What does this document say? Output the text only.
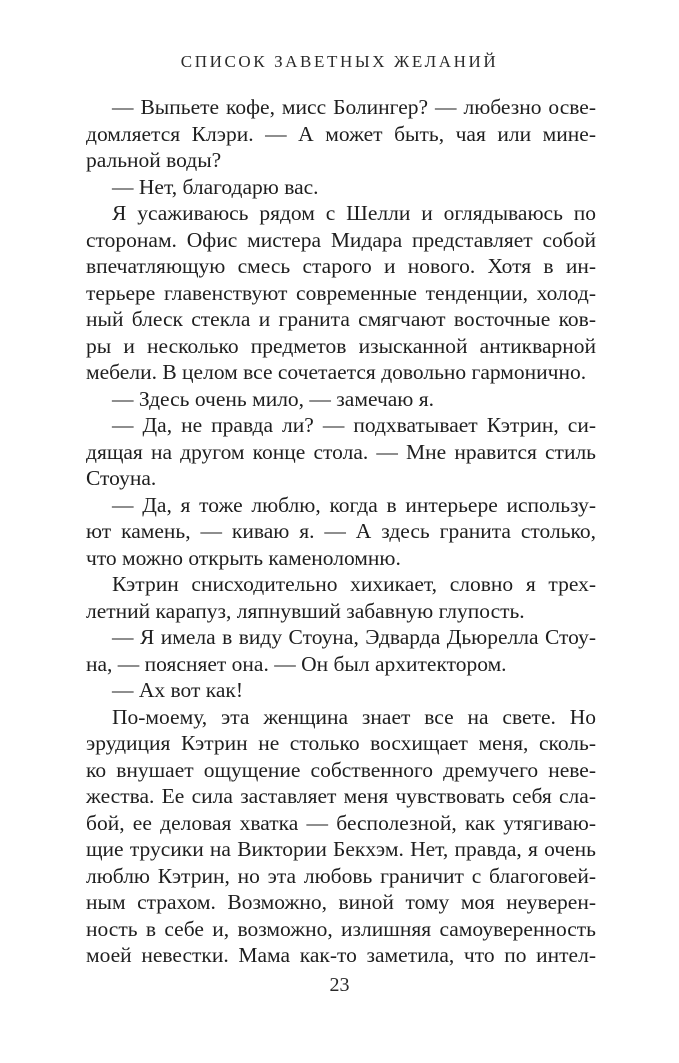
СПИСОК ЗАВЕТНЫХ ЖЕЛАНИЙ
— Выпьете кофе, мисс Болингер? — любезно осве-
домляется Клэри. — А может быть, чая или мине-
ральной воды?
— Нет, благодарю вас.
Я усаживаюсь рядом с Шелли и оглядываюсь по
сторонам. Офис мистера Мидара представляет собой
впечатляющую смесь старого и нового. Хотя в ин-
терьере главенствуют современные тенденции, холод-
ный блеск стекла и гранита смягчают восточные ков-
ры и несколько предметов изысканной антикварной
мебели. В целом все сочетается довольно гармонично.
— Здесь очень мило, — замечаю я.
— Да, не правда ли? — подхватывает Кэтрин, си-
дящая на другом конце стола. — Мне нравится стиль
Стоуна.
— Да, я тоже люблю, когда в интерьере использу-
ют камень, — киваю я. — А здесь гранита столько,
что можно открыть каменоломню.
Кэтрин снисходительно хихикает, словно я трех-
летний карапуз, ляпнувший забавную глупость.
— Я имела в виду Стоуна, Эдварда Дьюрелла Стоу-
на, — поясняет она. — Он был архитектором.
— Ах вот как!
По-моему, эта женщина знает все на свете. Но
эрудиция Кэтрин не столько восхищает меня, сколь-
ко внушает ощущение собственного дремучего неве-
жества. Ее сила заставляет меня чувствовать себя сла-
бой, ее деловая хватка — бесполезной, как утягиваю-
щие трусики на Виктории Бекхэм. Нет, правда, я очень
люблю Кэтрин, но эта любовь граничит с благоговей-
ным страхом. Возможно, виной тому моя неуверен-
ность в себе и, возможно, излишняя самоуверенность
моей невестки. Мама как-то заметила, что по интел-
23
